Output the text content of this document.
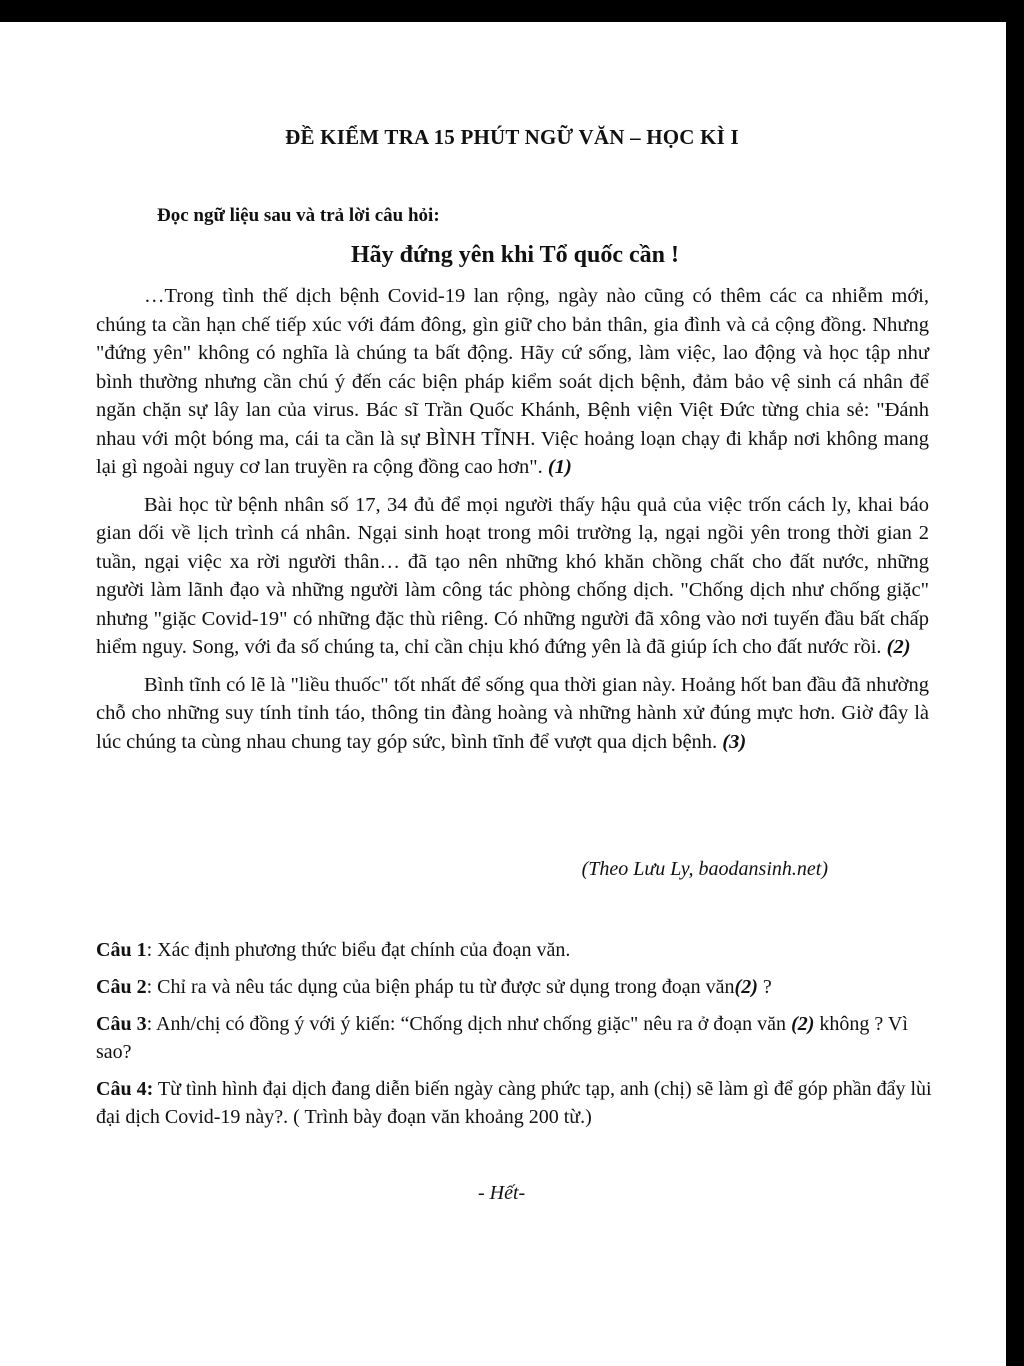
ĐỀ KIỂM TRA 15 PHÚT NGỮ VĂN – HỌC KÌ I
Đọc ngữ liệu sau và trả lời câu hỏi:
Hãy đứng yên khi Tổ quốc cần !

…Trong tình thế dịch bệnh Covid-19 lan rộng, ngày nào cũng có thêm các ca nhiễm mới, chúng ta cần hạn chế tiếp xúc với đám đông, gìn giữ cho bản thân, gia đình và cả cộng đồng. Nhưng "đứng yên" không có nghĩa là chúng ta bất động. Hãy cứ sống, làm việc, lao động và học tập như bình thường nhưng cần chú ý đến các biện pháp kiểm soát dịch bệnh, đảm bảo vệ sinh cá nhân để ngăn chặn sự lây lan của virus. Bác sĩ Trần Quốc Khánh, Bệnh viện Việt Đức từng chia sẻ: "Đánh nhau với một bóng ma, cái ta cần là sự BÌNH TĨNH. Việc hoảng loạn chạy đi khắp nơi không mang lại gì ngoài nguy cơ lan truyền ra cộng đồng cao hơn". (1)

Bài học từ bệnh nhân số 17, 34 đủ để mọi người thấy hậu quả của việc trốn cách ly, khai báo gian dối về lịch trình cá nhân. Ngại sinh hoạt trong môi trường lạ, ngại ngồi yên trong thời gian 2 tuần, ngại việc xa rời người thân… đã tạo nên những khó khăn chồng chất cho đất nước, những người làm lãnh đạo và những người làm công tác phòng chống dịch. "Chống dịch như chống giặc" nhưng "giặc Covid-19" có những đặc thù riêng. Có những người đã xông vào nơi tuyến đầu bất chấp hiểm nguy. Song, với đa số chúng ta, chỉ cần chịu khó đứng yên là đã giúp ích cho đất nước rồi. (2)

Bình tĩnh có lẽ là "liều thuốc" tốt nhất để sống qua thời gian này. Hoảng hốt ban đầu đã nhường chỗ cho những suy tính tỉnh táo, thông tin đàng hoàng và những hành xử đúng mực hơn. Giờ đây là lúc chúng ta cùng nhau chung tay góp sức, bình tĩnh để vượt qua dịch bệnh. (3)

(Theo Lưu Ly, baodansinh.net)
Câu 1: Xác định phương thức biểu đạt chính của đoạn văn.
Câu 2: Chỉ ra và nêu tác dụng của biện pháp tu từ được sử dụng trong đoạn văn(2) ?
Câu 3: Anh/chị có đồng ý với ý kiến: “Chống dịch như chống giặc" nêu ra ở đoạn văn (2) không ? Vì sao?
Câu 4: Từ tình hình đại dịch đang diễn biến ngày càng phức tạp, anh (chị) sẽ làm gì để góp phần đẩy lùi đại dịch Covid-19 này?. ( Trình bày đoạn văn khoảng 200 từ.)
- Hết-
